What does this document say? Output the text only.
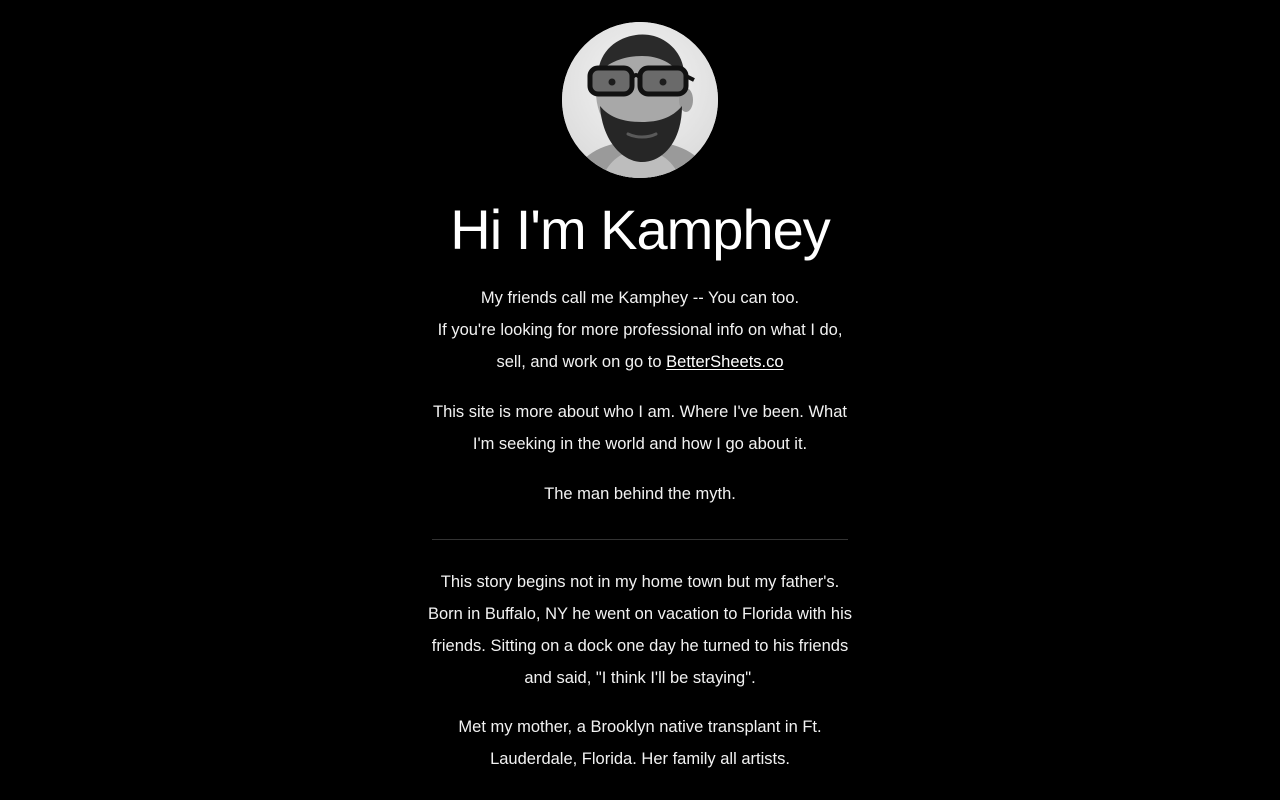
Hi I'm Kamphey

My friends call me Kamphey -- You can too.
If you're looking for more professional info on what I do,
sell, and work on go to BetterSheets.co

This site is more about who I am. Where I've been. What
I'm seeking in the world and how I go about it.

The man behind the myth.

This story begins not in my home town but my father's.
Born in Buffalo, NY he went on vacation to Florida with his
friends. Sitting on a dock one day he turned to his friends
and said, "I think I'll be staying".

Met my mother, a Brooklyn native transplant in Ft.
Lauderdale, Florida. Her family all artists.
